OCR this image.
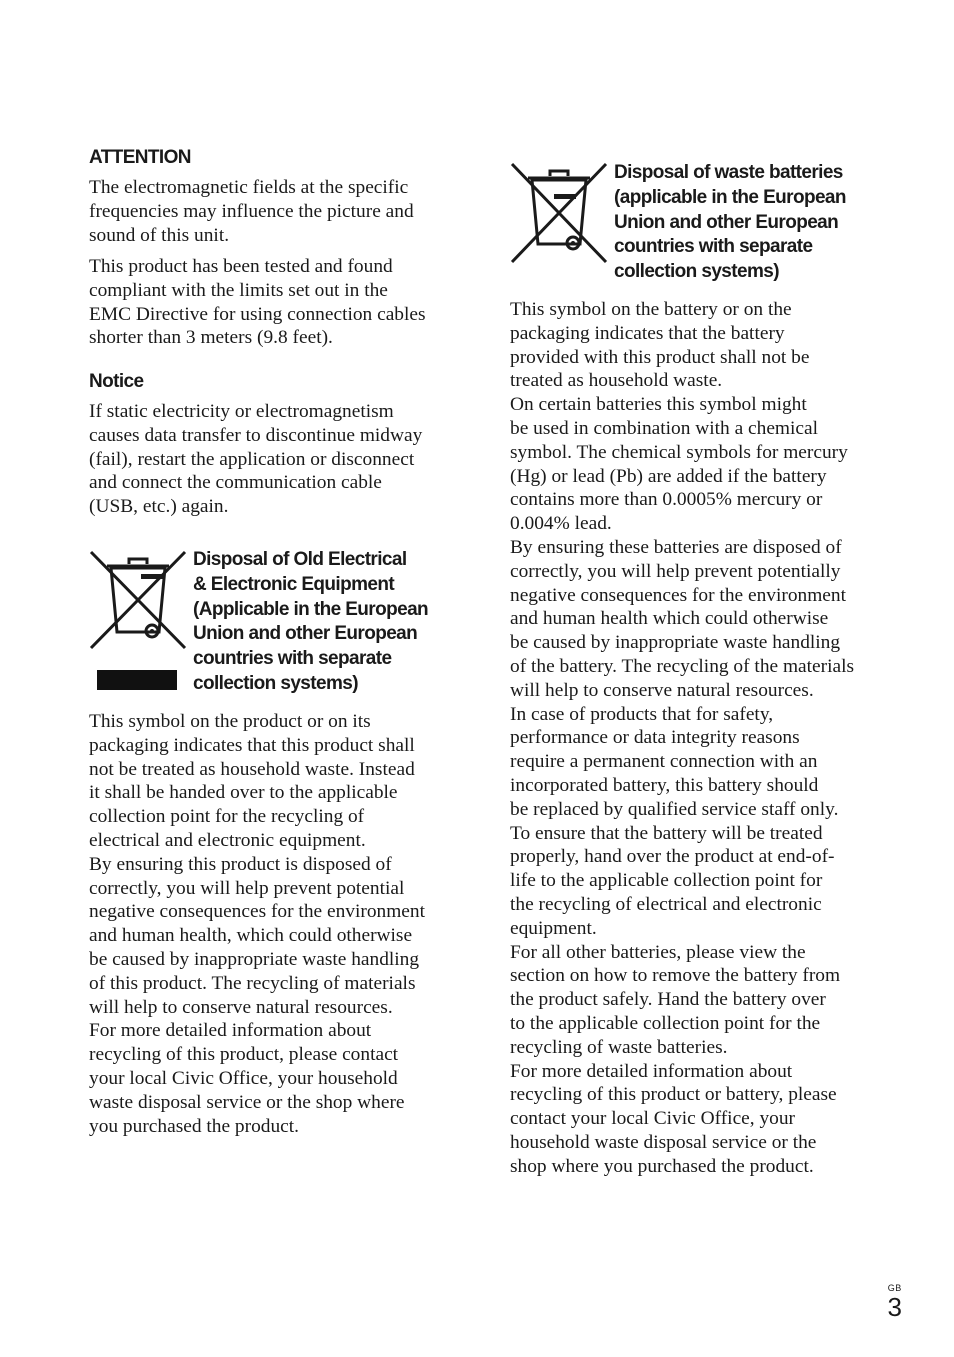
ATTENTION

The electromagnetic fields at the specific
frequencies may influence the picture and
sound of this unit.

This product has been tested and found
compliant with the limits set out in the
EMC Directive for using connection cables
shorter than 3 meters (9.8 feet).

Notice

If static electricity or electromagnetism
causes data transfer to discontinue midway
(fail), restart the application or disconnect
and connect the communication cable
(USB, etc.) again.

Disposal of Old Electrical
& Electronic Equipment
(Applicable in the European
Union and other European
countries with separate
collection systems)

This symbol on the product or on its
packaging indicates that this product shall
not be treated as household waste. Instead
it shall be handed over to the applicable
collection point for the recycling of
electrical and electronic equipment.
By ensuring this product is disposed of
correctly, you will help prevent potential
negative consequences for the environment
and human health, which could otherwise
be caused by inappropriate waste handling
of this product. The recycling of materials
will help to conserve natural resources.
For more detailed information about
recycling of this product, please contact
your local Civic Office, your household
waste disposal service or the shop where
you purchased the product.

Disposal of waste batteries
(applicable in the European
Union and other European
countries with separate
collection systems)

This symbol on the battery or on the
packaging indicates that the battery
provided with this product shall not be
treated as household waste.
On certain batteries this symbol might
be used in combination with a chemical
symbol. The chemical symbols for mercury
(Hg) or lead (Pb) are added if the battery
contains more than 0.0005% mercury or
0.004% lead.
By ensuring these batteries are disposed of
correctly, you will help prevent potentially
negative consequences for the environment
and human health which could otherwise
be caused by inappropriate waste handling
of the battery. The recycling of the materials
will help to conserve natural resources.
In case of products that for safety,
performance or data integrity reasons
require a permanent connection with an
incorporated battery, this battery should
be replaced by qualified service staff only.
To ensure that the battery will be treated
properly, hand over the product at end-of-
life to the applicable collection point for
the recycling of electrical and electronic
equipment.
For all other batteries, please view the
section on how to remove the battery from
the product safely. Hand the battery over
to the applicable collection point for the
recycling of waste batteries.
For more detailed information about
recycling of this product or battery, please
contact your local Civic Office, your
household waste disposal service or the
shop where you purchased the product.

GB
3
